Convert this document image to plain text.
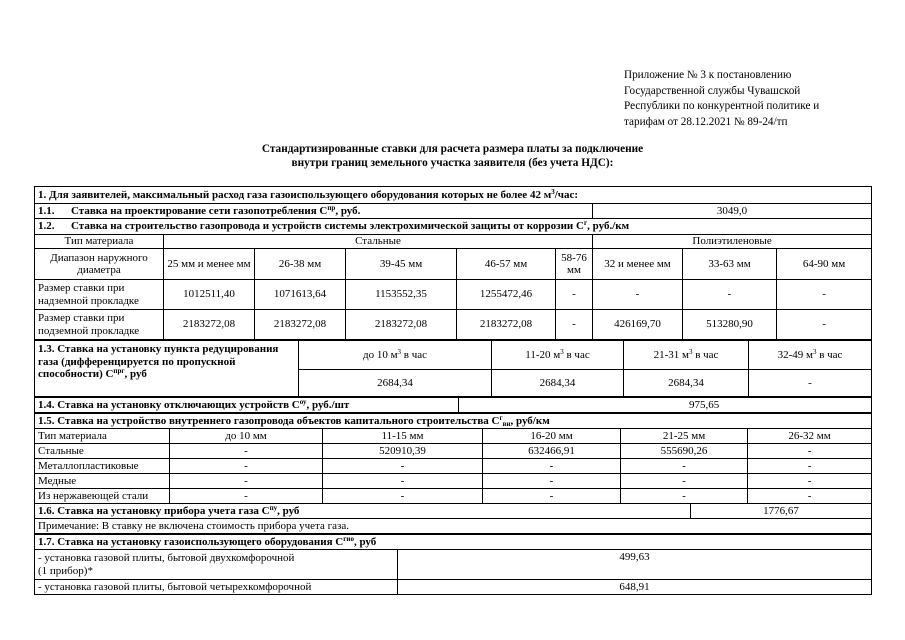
Приложение № 3 к постановлению
Государственной службы Чувашской
Республики по конкурентной политике и
тарифам от 28.12.2021 № 89-24/тп
Стандартизированные ставки для расчета размера платы за подключение
внутри границ земельного участка заявителя (без учета НДС):
1. Для заявителей, максимальный расход газа газоиспользующего оборудования которых не более 42 $м^3$/час:								
1.1. Ставка на проектирование сети газопотребления $С^{пр}$, руб.						3049,0		
1.2. Ставка на строительство газопровода и устройств системы электрохимической защиты от коррозии $С^г$, руб./км								
Тип материала	Стальные					Полиэтиленовые		
Диапазон наружного диаметра	25 мм и менее мм	26-38 мм	39-45 мм	46-57 мм	58-76 мм	32 и менее мм	33-63 мм	64-90 мм
Размер ставки при надземной прокладке	1012511,40	1071613,64	1153552,35	1255472,46	-	-	-	-
Размер ставки при подземной прокладке	2183272,08	2183272,08	2183272,08	2183272,08	-	426169,70	513280,90	-
1.3. Ставка на установку пункта редуцирования газа (дифференцируется по пропускной способности) $С^{прг}$, руб	до 10 $м^3$ в час	11-20 $м^3$ в час	21-31 $м^3$ в час	32-49 $м^3$ в час
	2684,34	2684,34	2684,34	-
1.4. Ставка на установку отключающих устройств $С^{оу}$, руб./шт	975,65
1.5. Ставка на устройство внутреннего газопровода объектов капитального строительства $С^г_{вн}$, руб/км					
Тип материала	до 10 мм	11-15 мм	16-20 мм	21-25 мм	26-32 мм
Стальные	-	520910,39	632466,91	555690,26	-
Металлопластиковые	-	-	-	-	-
Медные	-	-	-	-	-
Из нержавеющей стали	-	-	-	-	-
1.6. Ставка на установку прибора учета газа $С^{пу}$, руб	1776,67
Примечание: В ставку не включена стоимость прибора учета газа.
1.7. Ставка на установку газоиспользующего оборудования $С^{гио}$, руб	

- установка газовой плиты, бытовой двухкомфорочной
(1 прибор)*	499,63
- установка газовой плиты, бытовой четырехкомфорочной	648,91
